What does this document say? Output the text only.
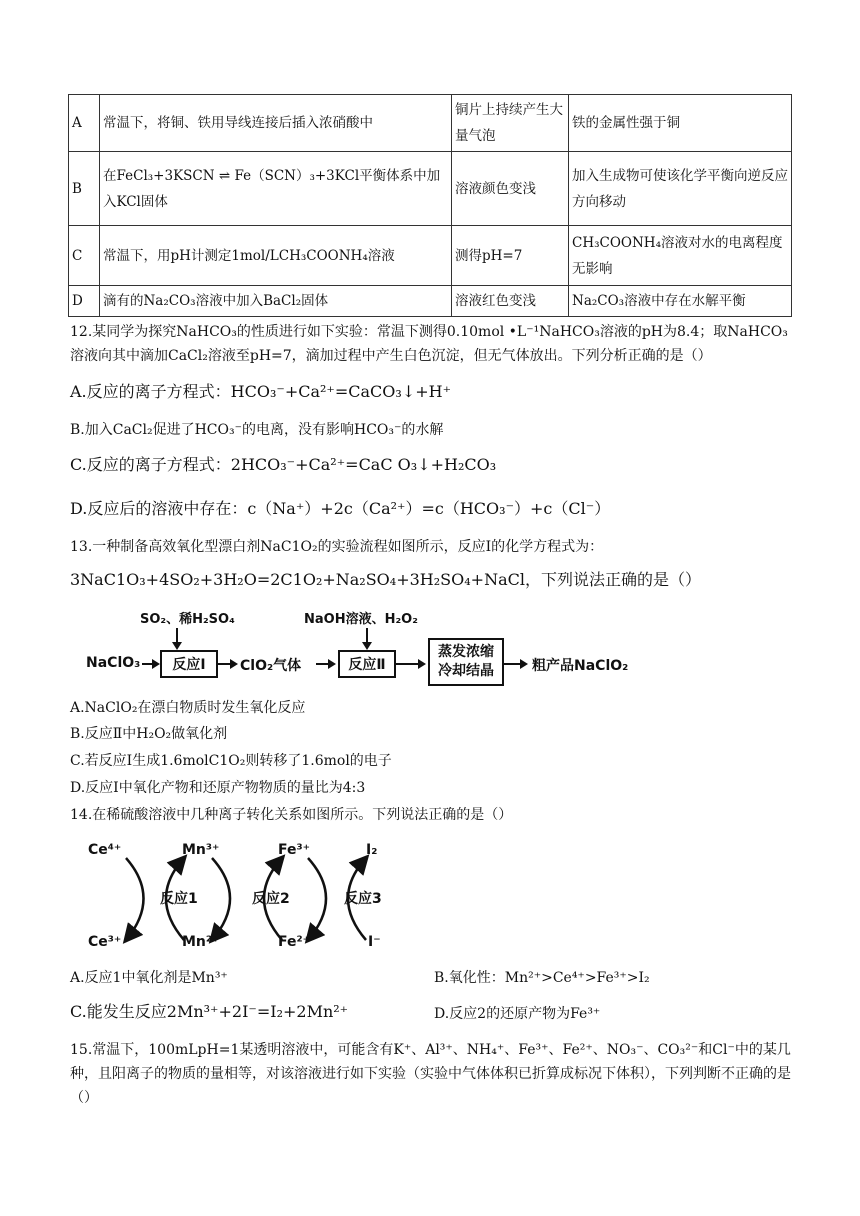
A	常温下，将铜、铁用导线连接后插入浓硝酸中	铜片上持续产生大量气泡	铁的金属性强于铜
B	在FeCl₃+3KSCN ⇌ Fe（SCN）₃+3KCl平衡体系中加入KCl固体	溶液颜色变浅	加入生成物可使该化学平衡向逆反应方向移动
C	常温下，用pH计测定1mol/LCH₃COONH₄溶液	测得pH=7	CH₃COONH₄溶液对水的电离程度无影响
D	滴有的Na₂CO₃溶液中加入BaCl₂固体	溶液红色变浅	Na₂CO₃溶液中存在水解平衡
12.某同学为探究NaHCO₃的性质进行如下实验：常温下测得0.10mol •L⁻¹NaHCO₃溶液的pH为8.4；取NaHCO₃溶液向其中滴加CaCl₂溶液至pH=7，滴加过程中产生白色沉淀，但无气体放出。下列分析正确的是（）
A.反应的离子方程式：HCO₃⁻+Ca²⁺=CaCO₃↓+H⁺
B.加入CaCl₂促进了HCO₃⁻的电离，没有影响HCO₃⁻的水解
C.反应的离子方程式：2HCO₃⁻+Ca²⁺=CaC O₃↓+H₂CO₃
D.反应后的溶液中存在：c（Na⁺）+2c（Ca²⁺）=c（HCO₃⁻）+c（Cl⁻）
13.一种制备高效氧化型漂白剂NaC1O₂的实验流程如图所示，反应I的化学方程式为：
3NaC1O₃+4SO₂+3H₂O=2C1O₂+Na₂SO₄+3H₂SO₄+NaCl，下列说法正确的是（）
SO₂、稀H₂SO₄	NaOH溶液、H₂O₂
NaClO₃	反应Ⅰ	ClO₂气体	反应Ⅱ
蒸发浓缩
冷却结晶	粗产品NaClO₂
A.NaClO₂在漂白物质时发生氧化反应
B.反应Ⅱ中H₂O₂做氧化剂
C.若反应I生成1.6molC1O₂则转移了1.6mol的电子
D.反应I中氧化产物和还原产物物质的量比为4:3
14.在稀硫酸溶液中几种离子转化关系如图所示。下列说法正确的是（）
Ce⁴⁺
Ce³⁺
Mn³⁺
Mn²⁺
Fe³⁺
Fe²⁺
I₂
I⁻
反应1	反应2	反应3
A.反应1中氧化剂是Mn³⁺	B.氧化性：Mn²⁺>Ce⁴⁺>Fe³⁺>I₂
C.能发生反应2Mn³⁺+2I⁻=I₂+2Mn²⁺	D.反应2的还原产物为Fe³⁺
15.常温下，100mLpH=1某透明溶液中，可能含有K⁺、Al³⁺、NH₄⁺、Fe³⁺、Fe²⁺、NO₃⁻、CO₃²⁻和Cl⁻中的某几种，且阳离子的物质的量相等，对该溶液进行如下实验（实验中气体体积已折算成标况下体积），下列判断不正确的是（）
